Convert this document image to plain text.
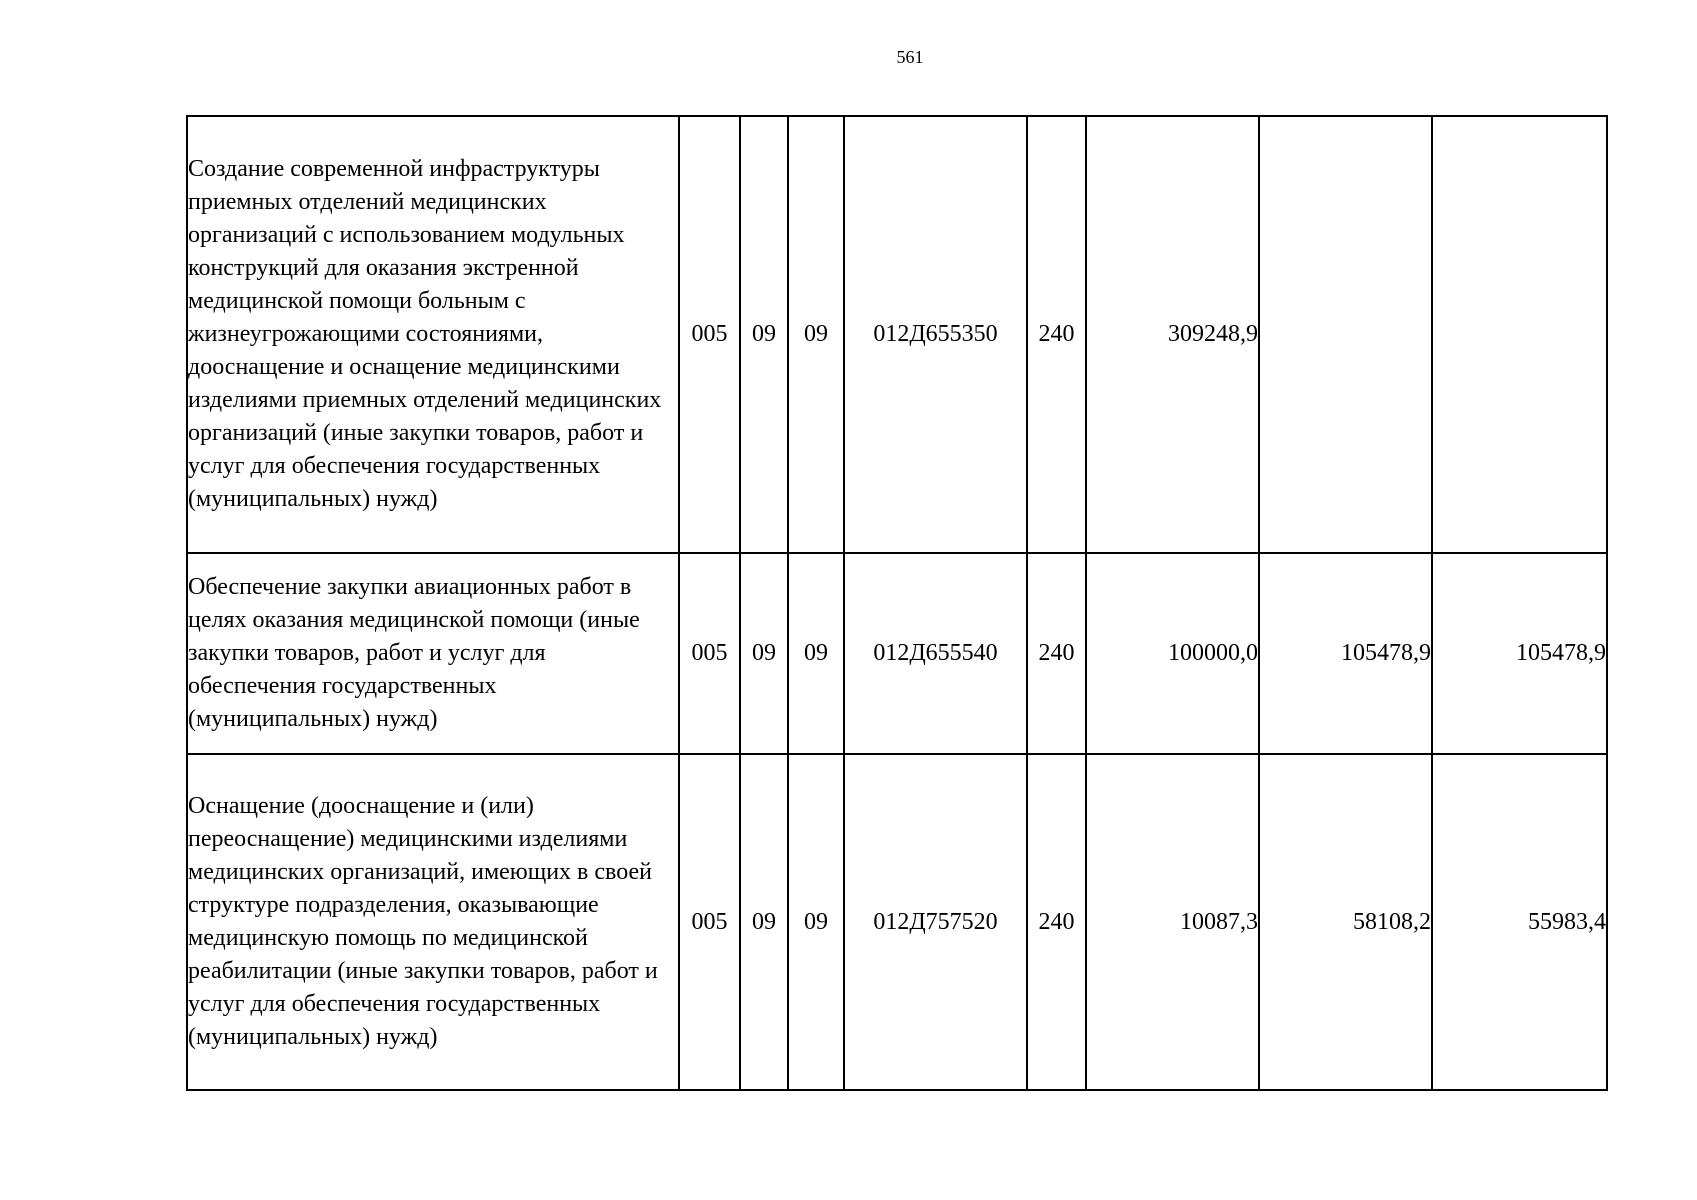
561
Создание современной инфраструктуры приемных отделений медицинских организаций с использованием модульных конструкций для оказания экстренной медицинской помощи больным с жизнеугрожающими состояниями, дооснащение и оснащение медицинскими изделиями приемных отделений медицинских организаций (иные закупки товаров, работ и услуг для обеспечения государственных (муниципальных) нужд)	005	09	09	012Д655350	240	309248,9		
Обеспечение закупки авиационных работ в целях оказания медицинской помощи (иные закупки товаров, работ и услуг для обеспечения государственных (муниципальных) нужд)	005	09	09	012Д655540	240	100000,0	105478,9	105478,9
Оснащение (дооснащение и (или) переоснащение) медицинскими изделиями медицинских организаций, имеющих в своей структуре подразделения, оказывающие медицинскую помощь по медицинской реабилитации (иные закупки товаров, работ и услуг для обеспечения государственных (муниципальных) нужд)	005	09	09	012Д757520	240	10087,3	58108,2	55983,4
